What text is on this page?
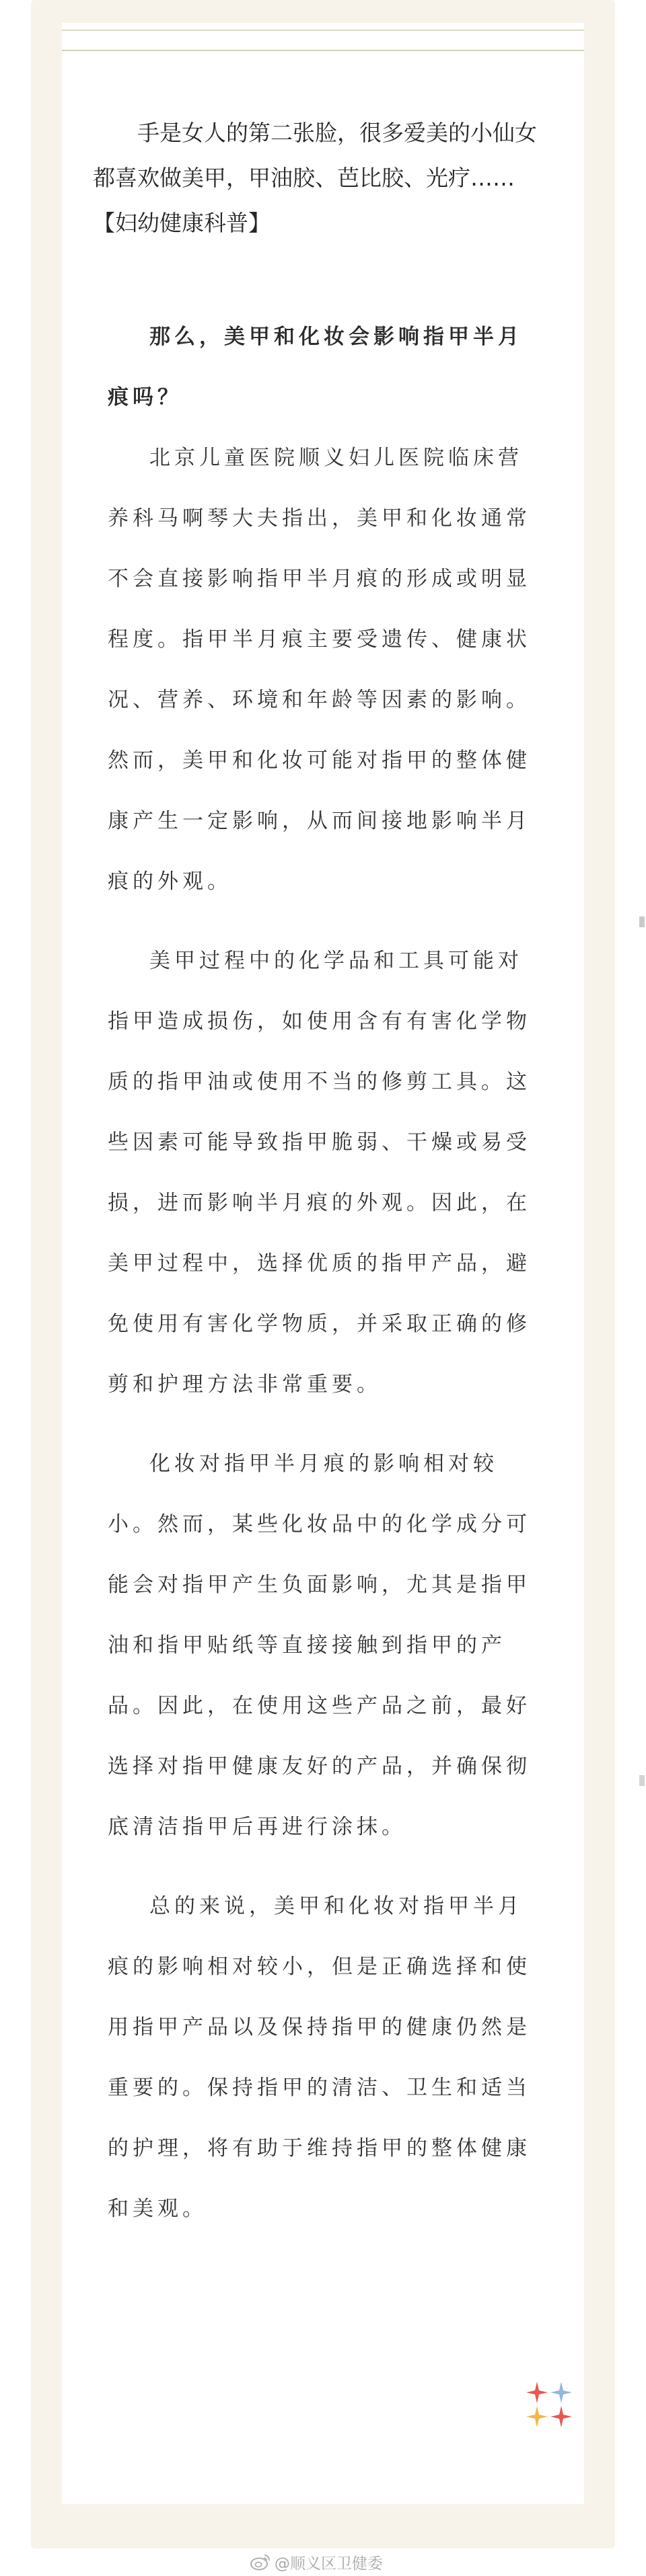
手是女人的第二张脸，很多爱美的小仙女都喜欢做美甲，甲油胶、芭比胶、光疗……【妇幼健康科普】

那么，美甲和化妆会影响指甲半月痕吗？

北京儿童医院顺义妇儿医院临床营养科马啊琴大夫指出，美甲和化妆通常不会直接影响指甲半月痕的形成或明显程度。指甲半月痕主要受遗传、健康状况、营养、环境和年龄等因素的影响。然而，美甲和化妆可能对指甲的整体健康产生一定影响，从而间接地影响半月痕的外观。

美甲过程中的化学品和工具可能对指甲造成损伤，如使用含有有害化学物质的指甲油或使用不当的修剪工具。这些因素可能导致指甲脆弱、干燥或易受损，进而影响半月痕的外观。因此，在美甲过程中，选择优质的指甲产品，避免使用有害化学物质，并采取正确的修剪和护理方法非常重要。

化妆对指甲半月痕的影响相对较小。然而，某些化妆品中的化学成分可能会对指甲产生负面影响，尤其是指甲油和指甲贴纸等直接接触到指甲的产品。因此，在使用这些产品之前，最好选择对指甲健康友好的产品，并确保彻底清洁指甲后再进行涂抹。

总的来说，美甲和化妆对指甲半月痕的影响相对较小，但是正确选择和使用指甲产品以及保持指甲的健康仍然是重要的。保持指甲的清洁、卫生和适当的护理，将有助于维持指甲的整体健康和美观。

@顺义区卫健委
